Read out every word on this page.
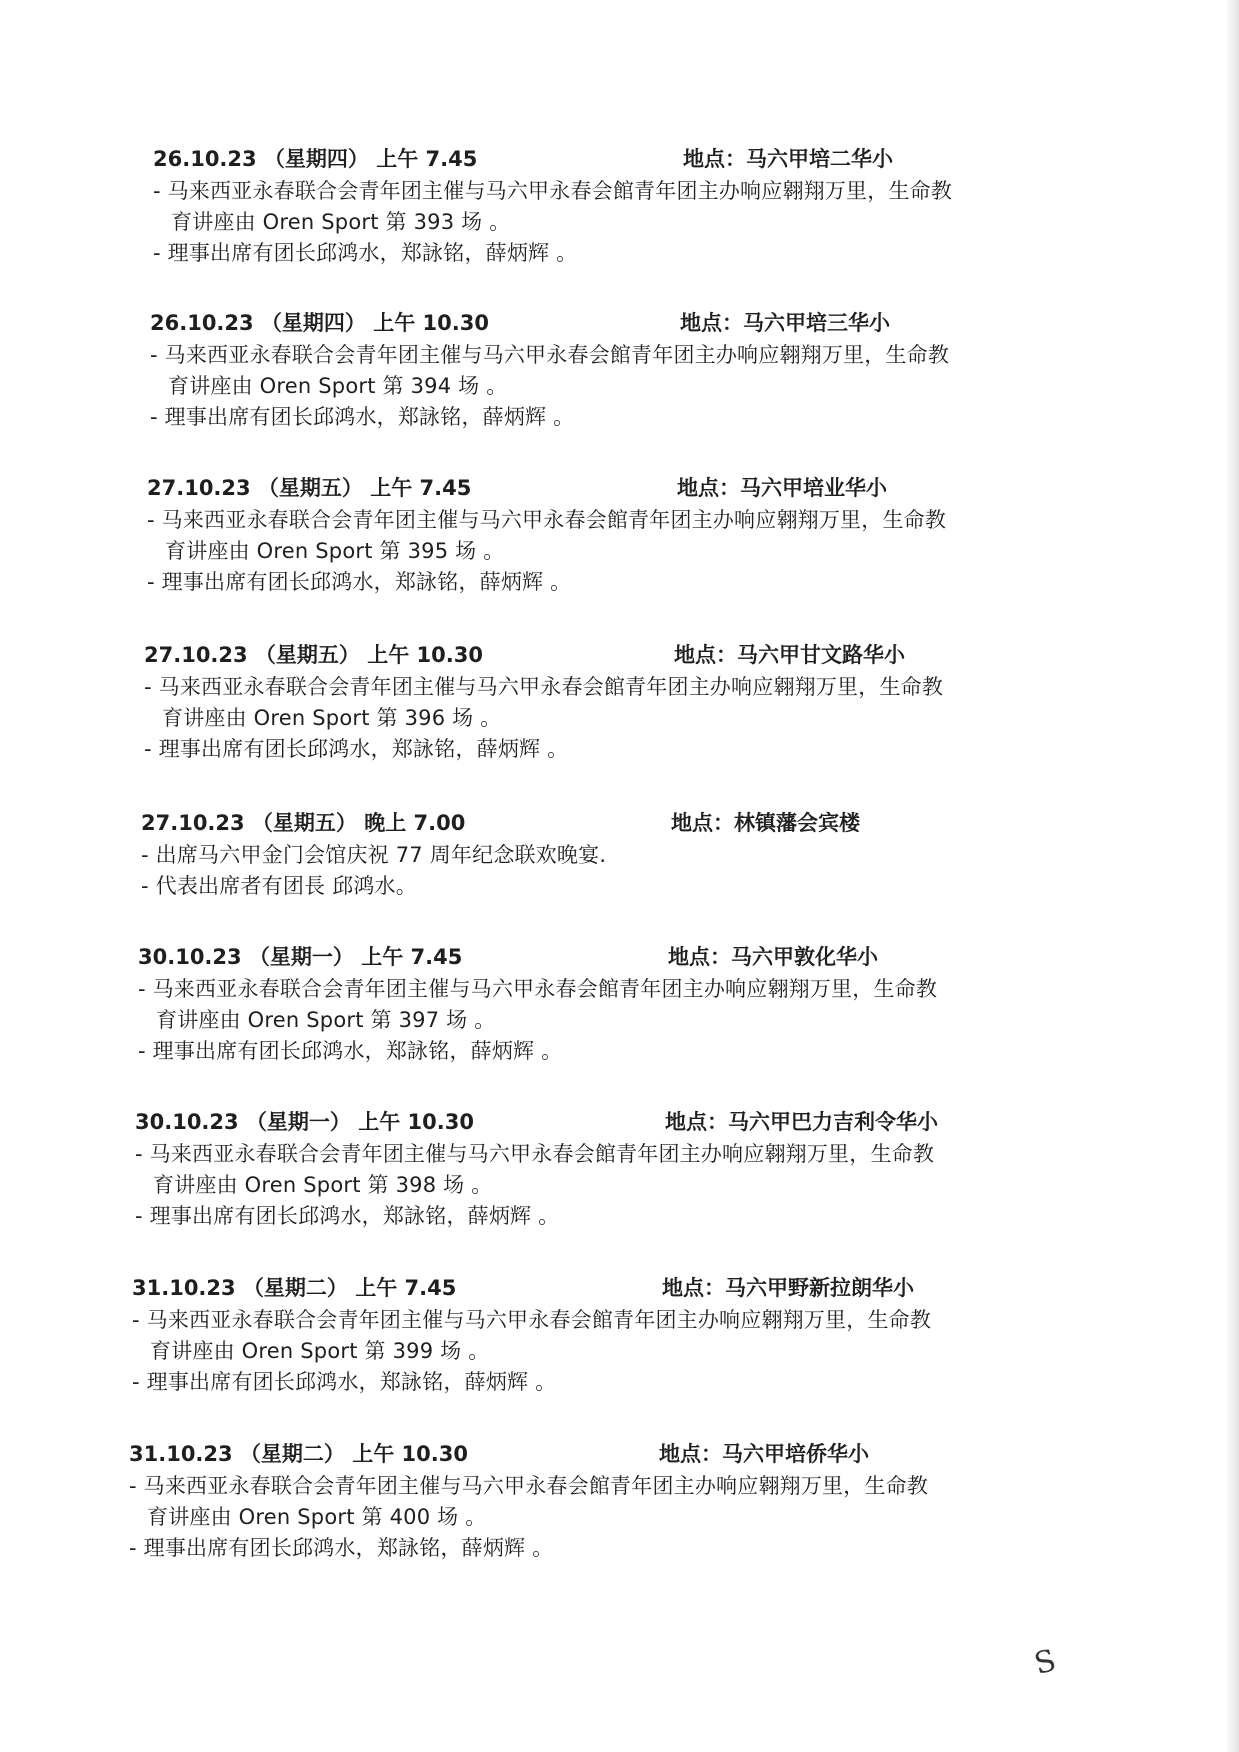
26.10.23 （星期四） 上午 7.45	地点：马六甲培二华小
- 马来西亚永春联合会青年团主催与马六甲永春会館青年团主办响应翱翔万里，生命教
育讲座由 Oren Sport 第 393 场 。
- 理事出席有团长邱鸿水，郑詠铭，薛炳辉 。
26.10.23 （星期四） 上午 10.30	地点：马六甲培三华小
- 马来西亚永春联合会青年团主催与马六甲永春会館青年团主办响应翱翔万里，生命教
育讲座由 Oren Sport 第 394 场 。
- 理事出席有团长邱鸿水，郑詠铭，薛炳辉 。
27.10.23 （星期五） 上午 7.45	地点：马六甲培业华小
- 马来西亚永春联合会青年团主催与马六甲永春会館青年团主办响应翱翔万里，生命教
育讲座由 Oren Sport 第 395 场 。
- 理事出席有团长邱鸿水，郑詠铭，薛炳辉 。
27.10.23 （星期五） 上午 10.30	地点：马六甲甘文路华小
- 马来西亚永春联合会青年团主催与马六甲永春会館青年团主办响应翱翔万里，生命教
育讲座由 Oren Sport 第 396 场 。
- 理事出席有团长邱鸿水，郑詠铭，薛炳辉 。
27.10.23 （星期五） 晚上 7.00	地点：林镇藩会宾楼
- 出席马六甲金门会馆庆祝 77 周年纪念联欢晚宴.
- 代表出席者有团長 邱鸿水。
30.10.23 （星期一） 上午 7.45	地点：马六甲敦化华小
- 马来西亚永春联合会青年团主催与马六甲永春会館青年团主办响应翱翔万里，生命教
育讲座由 Oren Sport 第 397 场 。
- 理事出席有团长邱鸿水，郑詠铭，薛炳辉 。
30.10.23 （星期一） 上午 10.30	地点：马六甲巴力吉利令华小
- 马来西亚永春联合会青年团主催与马六甲永春会館青年团主办响应翱翔万里，生命教
育讲座由 Oren Sport 第 398 场 。
- 理事出席有团长邱鸿水，郑詠铭，薛炳辉 。
31.10.23 （星期二） 上午 7.45	地点：马六甲野新拉朗华小
- 马来西亚永春联合会青年团主催与马六甲永春会館青年团主办响应翱翔万里，生命教
育讲座由 Oren Sport 第 399 场 。
- 理事出席有团长邱鸿水，郑詠铭，薛炳辉 。
31.10.23 （星期二） 上午 10.30	地点：马六甲培侨华小
- 马来西亚永春联合会青年团主催与马六甲永春会館青年团主办响应翱翔万里，生命教
育讲座由 Oren Sport 第 400 场 。
- 理事出席有团长邱鸿水，郑詠铭，薛炳辉 。
S
